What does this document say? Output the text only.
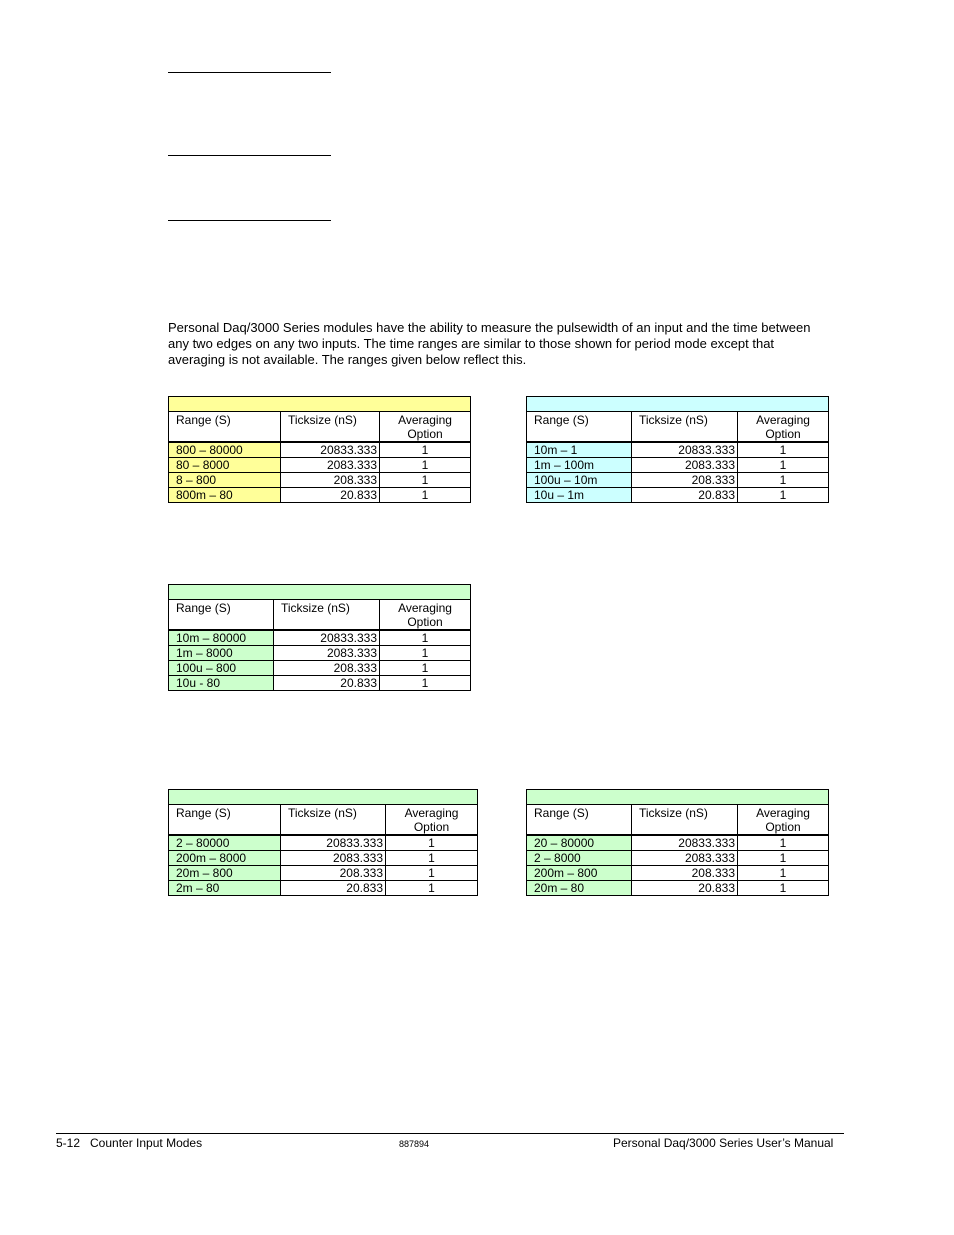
Personal Daq/3000 Series modules have the ability to measure the pulsewidth of an input and the time between any two edges on any two inputs. The time ranges are similar to those shown for period mode except that averaging is not available. The ranges given below reflect this.

Range (S)	Ticksize (nS)	Averaging
Option
800 – 80000	20833.333	1
80 – 8000	2083.333	1
8 – 800	208.333	1
800m – 80	20.833	1

Range (S)	Ticksize (nS)	Averaging
Option
10m – 1	20833.333	1
1m – 100m	2083.333	1
100u – 10m	208.333	1
10u – 1m	20.833	1

Range (S)	Ticksize (nS)	Averaging
Option
10m – 80000	20833.333	1
1m – 8000	2083.333	1
100u – 800	208.333	1
10u - 80	20.833	1

Range (S)	Ticksize (nS)	Averaging
Option
2 – 80000	20833.333	1
200m – 8000	2083.333	1
20m – 800	208.333	1
2m – 80	20.833	1

Range (S)	Ticksize (nS)	Averaging
Option
20 – 80000	20833.333	1
2 – 8000	2083.333	1
200m – 800	208.333	1
20m – 80	20.833	1
5-12   Counter Input Modes	887894	Personal Daq/3000 Series User’s Manual
